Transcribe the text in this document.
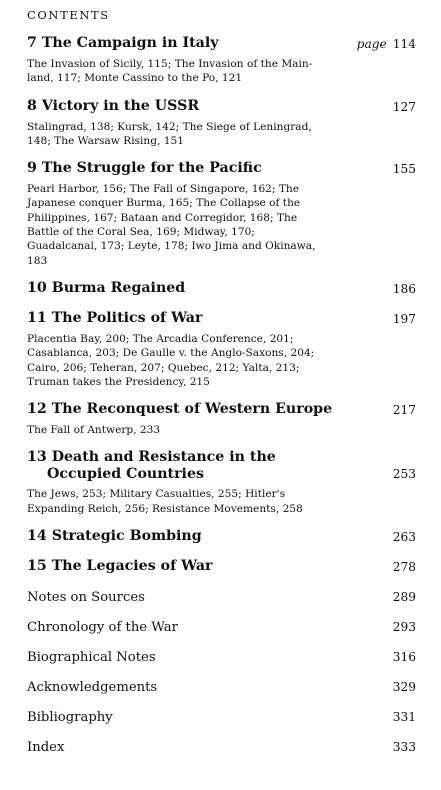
CONTENTS
7 The Campaign in Italy	page 114
The Invasion of Sicily, 115; The Invasion of the Mainland, 117; Monte Cassino to the Po, 121
8 Victory in the USSR	127
Stalingrad, 138; Kursk, 142; The Siege of Leningrad, 148; The Warsaw Rising, 151
9 The Struggle for the Pacific	155
Pearl Harbor, 156; The Fall of Singapore, 162; The Japanese conquer Burma, 165; The Collapse of the Philippines, 167; Bataan and Corregidor, 168; The Battle of the Coral Sea, 169; Midway, 170; Guadalcanal, 173; Leyte, 178; Iwo Jima and Okinawa, 183
10 Burma Regained	186
11 The Politics of War	197
Placentia Bay, 200; The Arcadia Conference, 201; Casablanca, 203; De Gaulle v. the Anglo-Saxons, 204; Cairo, 206; Teheran, 207; Quebec, 212; Yalta, 213; Truman takes the Presidency, 215
12 The Reconquest of Western Europe	217
The Fall of Antwerp, 233
13 Death and Resistance in the
Occupied Countries	253
The Jews, 253; Military Casualties, 255; Hitler's Expanding Reich, 256; Resistance Movements, 258
14 Strategic Bombing	263
15 The Legacies of War	278
Notes on Sources	289
Chronology of the War	293
Biographical Notes	316
Acknowledgements	329
Bibliography	331
Index	333
